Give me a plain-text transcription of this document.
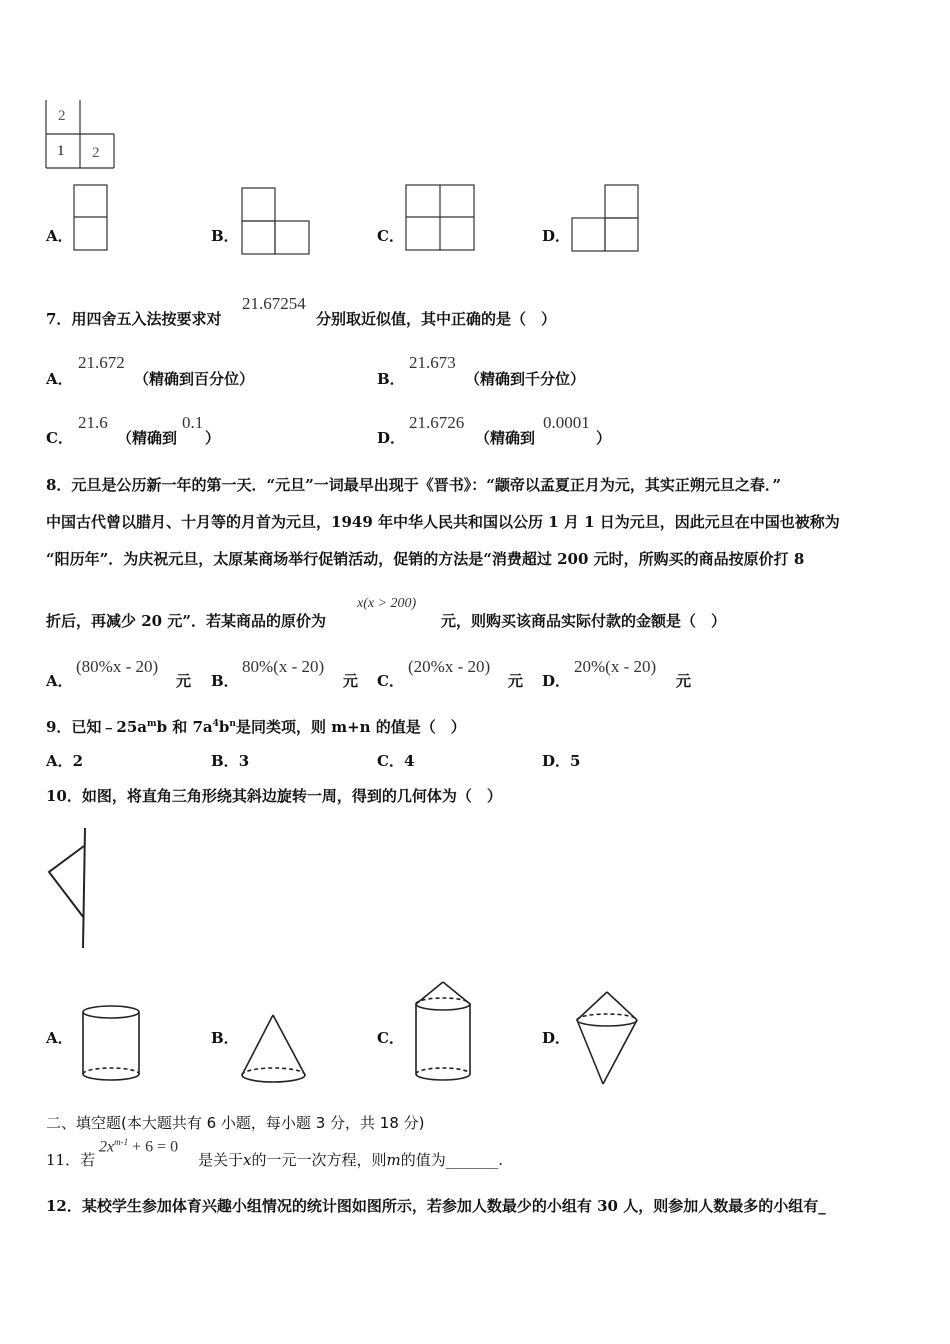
2
1 2
A．	B．	C．	D．
7．用四舍五入法按要求对
21.67254
分别取近似值，其中正确的是（　）
A．
21.672
（精确到百分位）	B．
21.673
（精确到千分位）
C．
21.6
（精确到
0.1
）	D．
21.6726
（精确到
0.0001
）
8．元旦是公历新一年的第一天．“元旦”一词最早出现于《晋书》：“颛帝以孟夏正月为元，其实正朔元旦之春．”
中国古代曾以腊月、十月等的月首为元旦，1949 年中华人民共和国以公历 1 月 1 日为元旦，因此元旦在中国也被称为
“阳历年”．为庆祝元旦，太原某商场举行促销活动，促销的方法是“消费超过 200 元时，所购买的商品按原价打 8
折后，再减少 20 元”．若某商品的原价为
x(x > 200)
元，则购买该商品实际付款的金额是（　）
A．
(80%x - 20)
元 B．
80%(x - 20)
元 C．
(20%x - 20)
元 D．
20%(x - 20)
元
9．已知$﹣25a^mb$ 和 $7a^4b^n$是同类项，则 m+n 的值是（　）
A．2	B．3	C．4	D．5
10．如图，将直角三角形绕其斜边旋转一周，得到的几何体为（　）
A．	B．	C．	D．
二、填空题(本大题共有 6 小题，每小题 3 分，共 18 分)
11．若
$2x^{m-1} + 6 = 0$
是关于x的一元一次方程，则m的值为_______.
12．某校学生参加体育兴趣小组情况的统计图如图所示，若参加人数最少的小组有 30 人，则参加人数最多的小组有_
